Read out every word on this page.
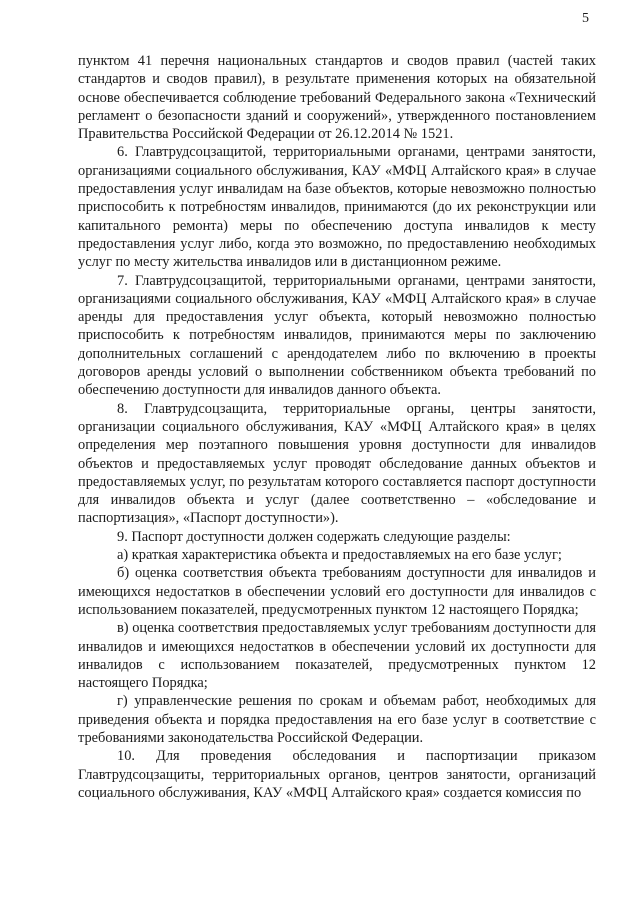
5

пунктом 41 перечня национальных стандартов и сводов правил (частей таких стандартов и сводов правил), в результате применения которых на обязательной основе обеспечивается соблюдение требований Федерального закона «Технический регламент о безопасности зданий и сооружений», утвержденного постановлением Правительства Российской Федерации от 26.12.2014 № 1521.

6. Главтрудсоцзащитой, территориальными органами, центрами занятости, организациями социального обслуживания, КАУ «МФЦ Алтайского края» в случае предоставления услуг инвалидам на базе объектов, которые невозможно полностью приспособить к потребностям инвалидов, принимаются (до их реконструкции или капитального ремонта) меры по обеспечению доступа инвалидов к месту предоставления услуг либо, когда это возможно, по предоставлению необходимых услуг по месту жительства инвалидов или в дистанционном режиме.

7. Главтрудсоцзащитой, территориальными органами, центрами занятости, организациями социального обслуживания, КАУ «МФЦ Алтайского края» в случае аренды для предоставления услуг объекта, который невозможно полностью приспособить к потребностям инвалидов, принимаются меры по заключению дополнительных соглашений с арендодателем либо по включению в проекты договоров аренды условий о выполнении собственником объекта требований по обеспечению доступности для инвалидов данного объекта.

8. Главтрудсоцзащита, территориальные органы, центры занятости, организации социального обслуживания, КАУ «МФЦ Алтайского края» в целях определения мер поэтапного повышения уровня доступности для инвалидов объектов и предоставляемых услуг проводят обследование данных объектов и предоставляемых услуг, по результатам которого составляется паспорт доступности для инвалидов объекта и услуг (далее соответственно – «обследование и паспортизация», «Паспорт доступности»).

9. Паспорт доступности должен содержать следующие разделы:

а) краткая характеристика объекта и предоставляемых на его базе услуг;

б) оценка соответствия объекта требованиям доступности для инвалидов и имеющихся недостатков в обеспечении условий его доступности для инвалидов с использованием показателей, предусмотренных пунктом 12 настоящего Порядка;

в) оценка соответствия предоставляемых услуг требованиям доступности для инвалидов и имеющихся недостатков в обеспечении условий их доступности для инвалидов с использованием показателей, предусмотренных пунктом 12 настоящего Порядка;

г) управленческие решения по срокам и объемам работ, необходимых для приведения объекта и порядка предоставления на его базе услуг в соответствие с требованиями законодательства Российской Федерации.

10. Для проведения обследования и паспортизации приказом Главтрудсоцзащиты, территориальных органов, центров занятости, организаций социального обслуживания, КАУ «МФЦ Алтайского края» создается комиссия по
